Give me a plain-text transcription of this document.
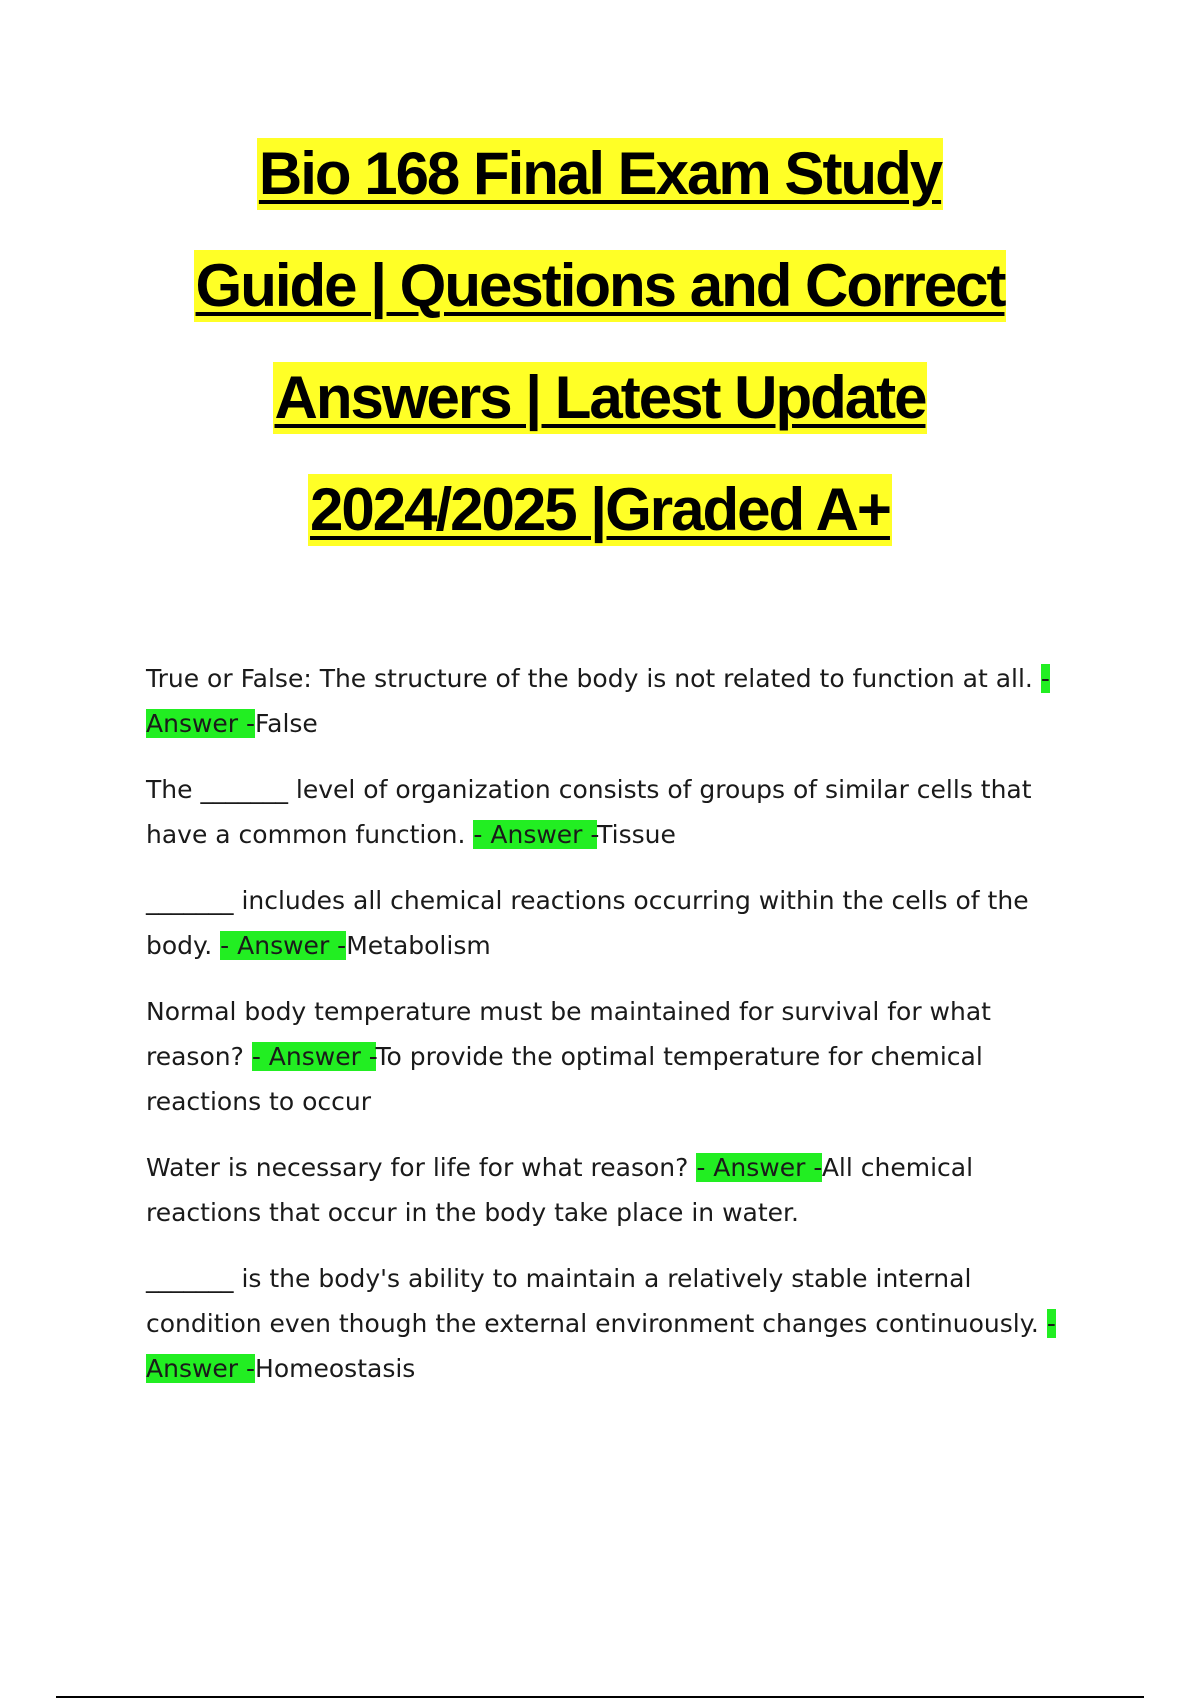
Bio 168 Final Exam Study
Guide | Questions and Correct
Answers | Latest Update
2024/2025 |Graded A+

True or False: The structure of the body is not related to function at all. - Answer -False

The _______ level of organization consists of groups of similar cells that have a common function. - Answer -Tissue

_______ includes all chemical reactions occurring within the cells of the body. - Answer -Metabolism

Normal body temperature must be maintained for survival for what reason? - Answer -To provide the optimal temperature for chemical reactions to occur

Water is necessary for life for what reason? - Answer -All chemical reactions that occur in the body take place in water.

_______ is the body's ability to maintain a relatively stable internal condition even though the external environment changes continuously. - Answer -Homeostasis
